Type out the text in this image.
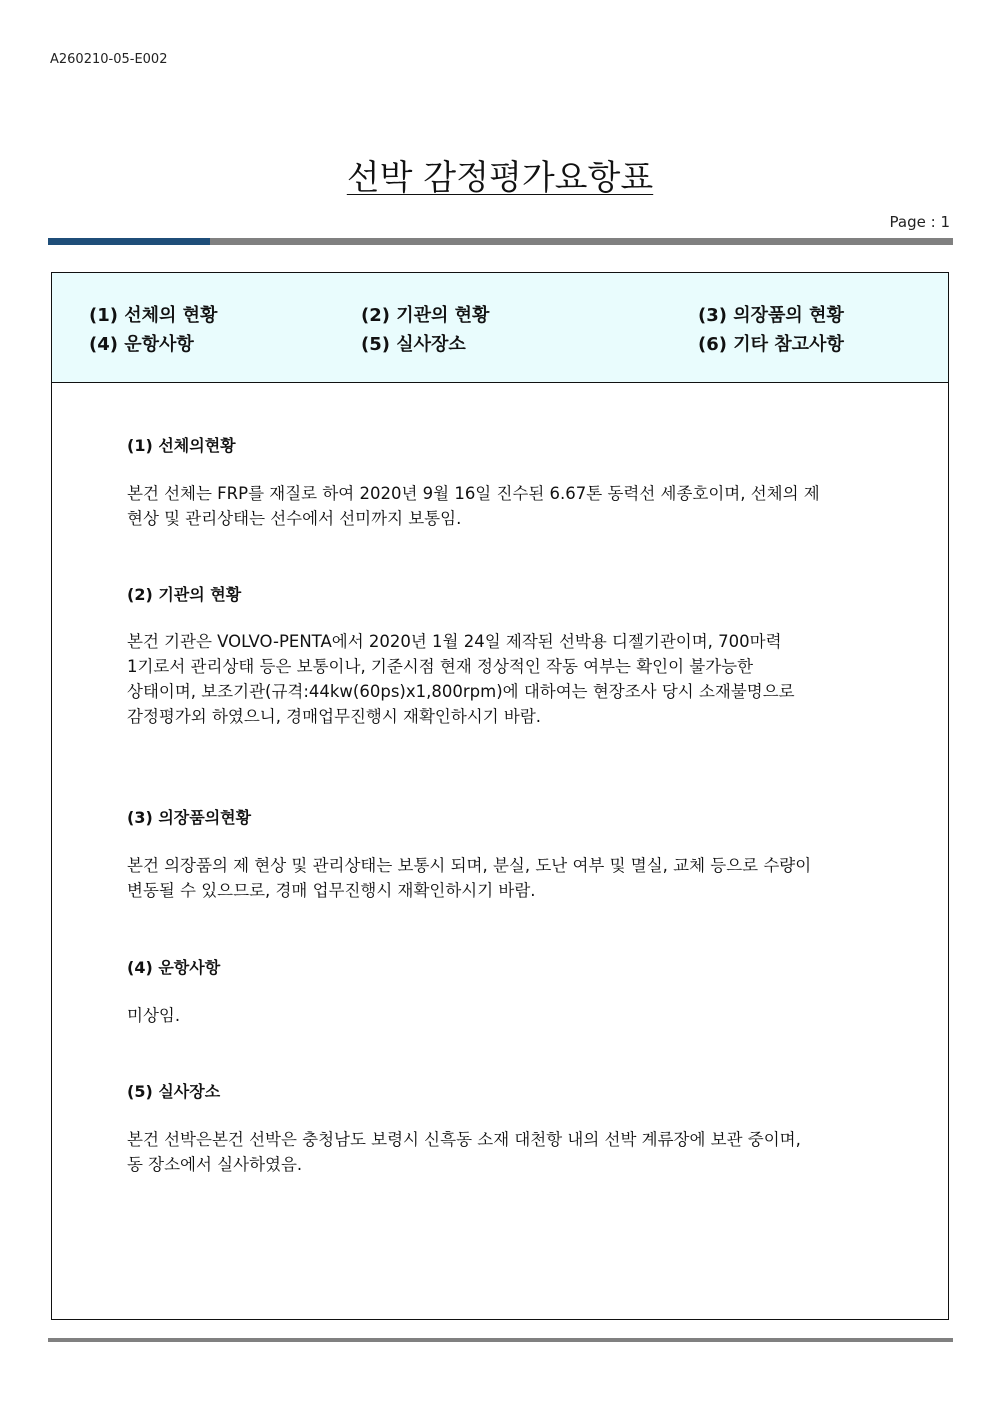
A260210-05-E002
선박 감정평가요항표
Page : 1
(1) 선체의 현황	(2) 기관의 현황	(3) 의장품의 현황
(4) 운항사항	(5) 실사장소	(6) 기타 참고사항
(1) 선체의현황
본건 선체는 FRP를 재질로 하여 2020년 9월 16일 진수된 6.67톤 동력선 세종호이며, 선체의 제
현상 및 관리상태는 선수에서 선미까지 보통임.
(2) 기관의 현황
본건 기관은 VOLVO-PENTA에서 2020년 1월 24일 제작된 선박용 디젤기관이며, 700마력
1기로서 관리상태 등은 보통이나, 기준시점 현재 정상적인 작동 여부는 확인이 불가능한
상태이며, 보조기관(규격:44kw(60ps)x1,800rpm)에 대하여는 현장조사 당시 소재불명으로
감정평가외 하였으니, 경매업무진행시 재확인하시기 바람.
(3) 의장품의현황
본건 의장품의 제 현상 및 관리상태는 보통시 되며, 분실, 도난 여부 및 멸실, 교체 등으로 수량이
변동될 수 있으므로, 경매 업무진행시 재확인하시기 바람.
(4) 운항사항
미상임.
(5) 실사장소
본건 선박은본건 선박은 충청남도 보령시 신흑동 소재 대천항 내의 선박 계류장에 보관 중이며,
동 장소에서 실사하였음.
